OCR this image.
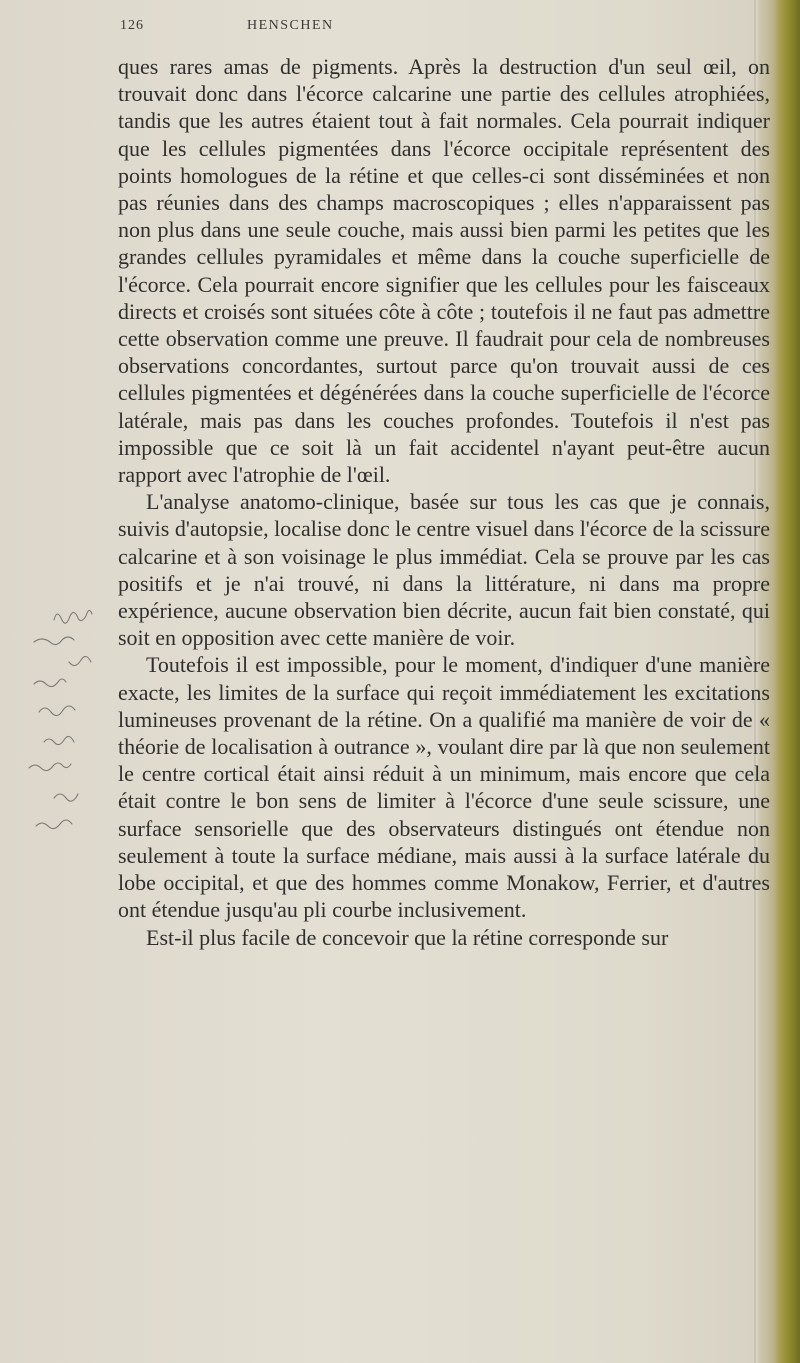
126	HENSCHEN

ques rares amas de pigments. Après la destruction d'un seul œil, on trouvait donc dans l'écorce calcarine une partie des cellules atrophiées, tandis que les autres étaient tout à fait normales. Cela pourrait indiquer que les cellules pigmentées dans l'écorce occipitale représentent des points homologues de la rétine et que celles-ci sont disséminées et non pas réunies dans des champs macroscopiques ; elles n'apparaissent pas non plus dans une seule couche, mais aussi bien parmi les petites que les grandes cellules pyramidales et même dans la couche superficielle de l'écorce. Cela pourrait encore signifier que les cellules pour les faisceaux directs et croisés sont situées côte à côte ; toutefois il ne faut pas admettre cette observation comme une preuve. Il faudrait pour cela de nombreuses observations concordantes, surtout parce qu'on trouvait aussi de ces cellules pigmentées et dégénérées dans la couche superficielle de l'écorce latérale, mais pas dans les couches profondes. Toutefois il n'est pas impossible que ce soit là un fait accidentel n'ayant peut-être aucun rapport avec l'atrophie de l'œil.

L'analyse anatomo-clinique, basée sur tous les cas que je connais, suivis d'autopsie, localise donc le centre visuel dans l'écorce de la scissure calcarine et à son voisinage le plus immédiat. Cela se prouve par les cas positifs et je n'ai trouvé, ni dans la littérature, ni dans ma propre expérience, aucune observation bien décrite, aucun fait bien constaté, qui soit en opposition avec cette manière de voir.

Toutefois il est impossible, pour le moment, d'indiquer d'une manière exacte, les limites de la surface qui reçoit immédiatement les excitations lumineuses provenant de la rétine. On a qualifié ma manière de voir de « théorie de localisation à outrance », voulant dire par là que non seulement le centre cortical était ainsi réduit à un minimum, mais encore que cela était contre le bon sens de limiter à l'écorce d'une seule scissure, une surface sensorielle que des observateurs distingués ont étendue non seulement à toute la surface médiane, mais aussi à la surface latérale du lobe occipital, et que des hommes comme Monakow, Ferrier, et d'autres ont étendue jusqu'au pli courbe inclusivement.

Est-il plus facile de concevoir que la rétine corresponde sur
